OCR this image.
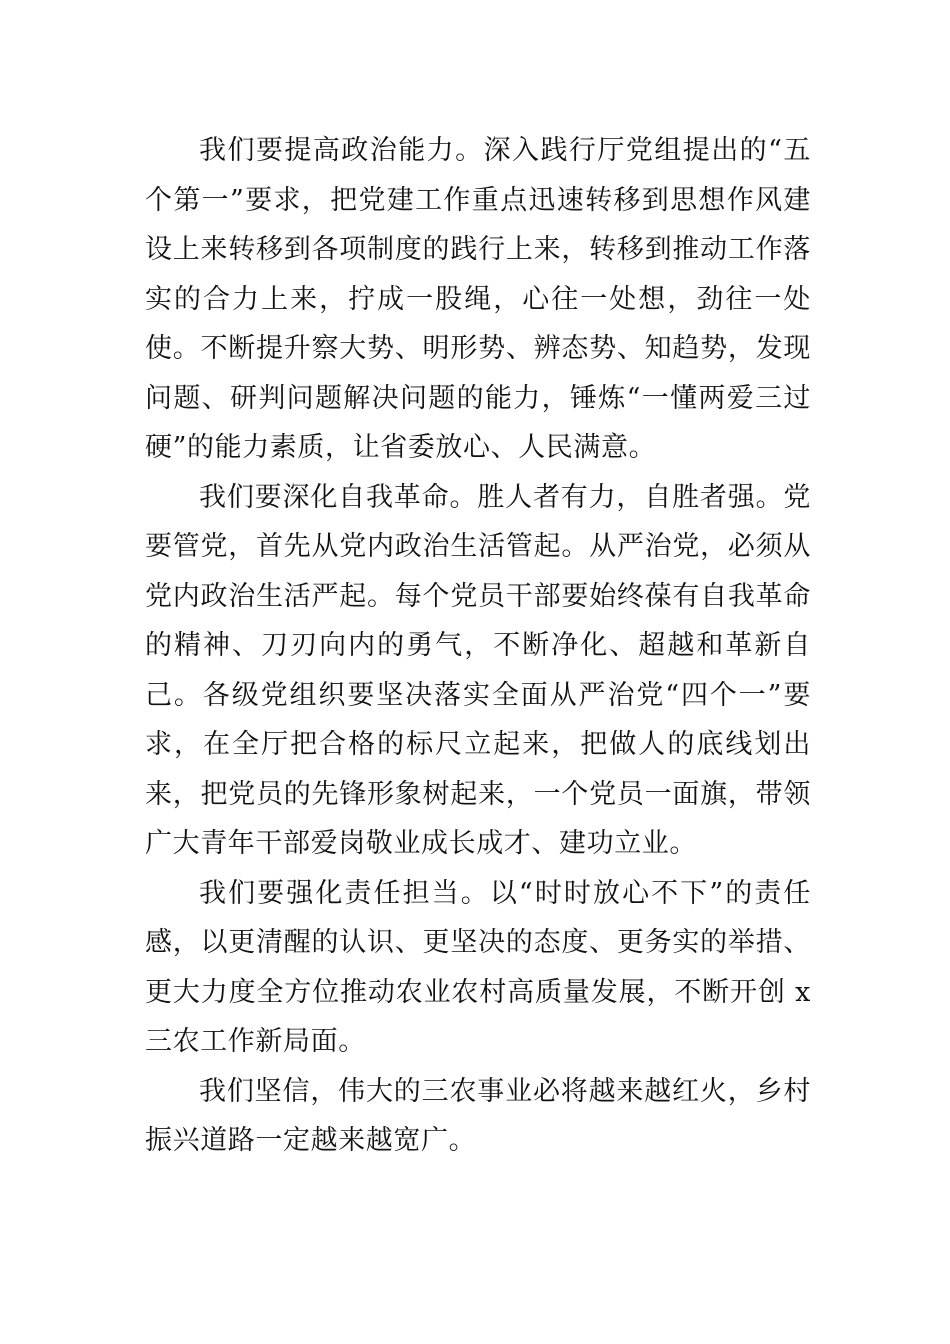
我们要提高政治能力。深入践行厅党组提出的“五个第一”要求，把党建工作重点迅速转移到思想作风建设上来转移到各项制度的践行上来，转移到推动工作落实的合力上来，拧成一股绳，心往一处想，劲往一处使。不断提升察大势、明形势、辨态势、知趋势，发现问题、研判问题解决问题的能力，锤炼“一懂两爱三过硬”的能力素质，让省委放心、人民满意。

我们要深化自我革命。胜人者有力，自胜者强。党要管党，首先从党内政治生活管起。从严治党，必须从党内政治生活严起。每个党员干部要始终葆有自我革命的精神、刀刃向内的勇气，不断净化、超越和革新自己。各级党组织要坚决落实全面从严治党“四个一”要求，在全厅把合格的标尺立起来，把做人的底线划出来，把党员的先锋形象树起来，一个党员一面旗，带领广大青年干部爱岗敬业成长成才、建功立业。

我们要强化责任担当。以“时时放心不下”的责任感，以更清醒的认识、更坚决的态度、更务实的举措、更大力度全方位推动农业农村高质量发展，不断开创 x 三农工作新局面。

我们坚信，伟大的三农事业必将越来越红火，乡村振兴道路一定越来越宽广。
